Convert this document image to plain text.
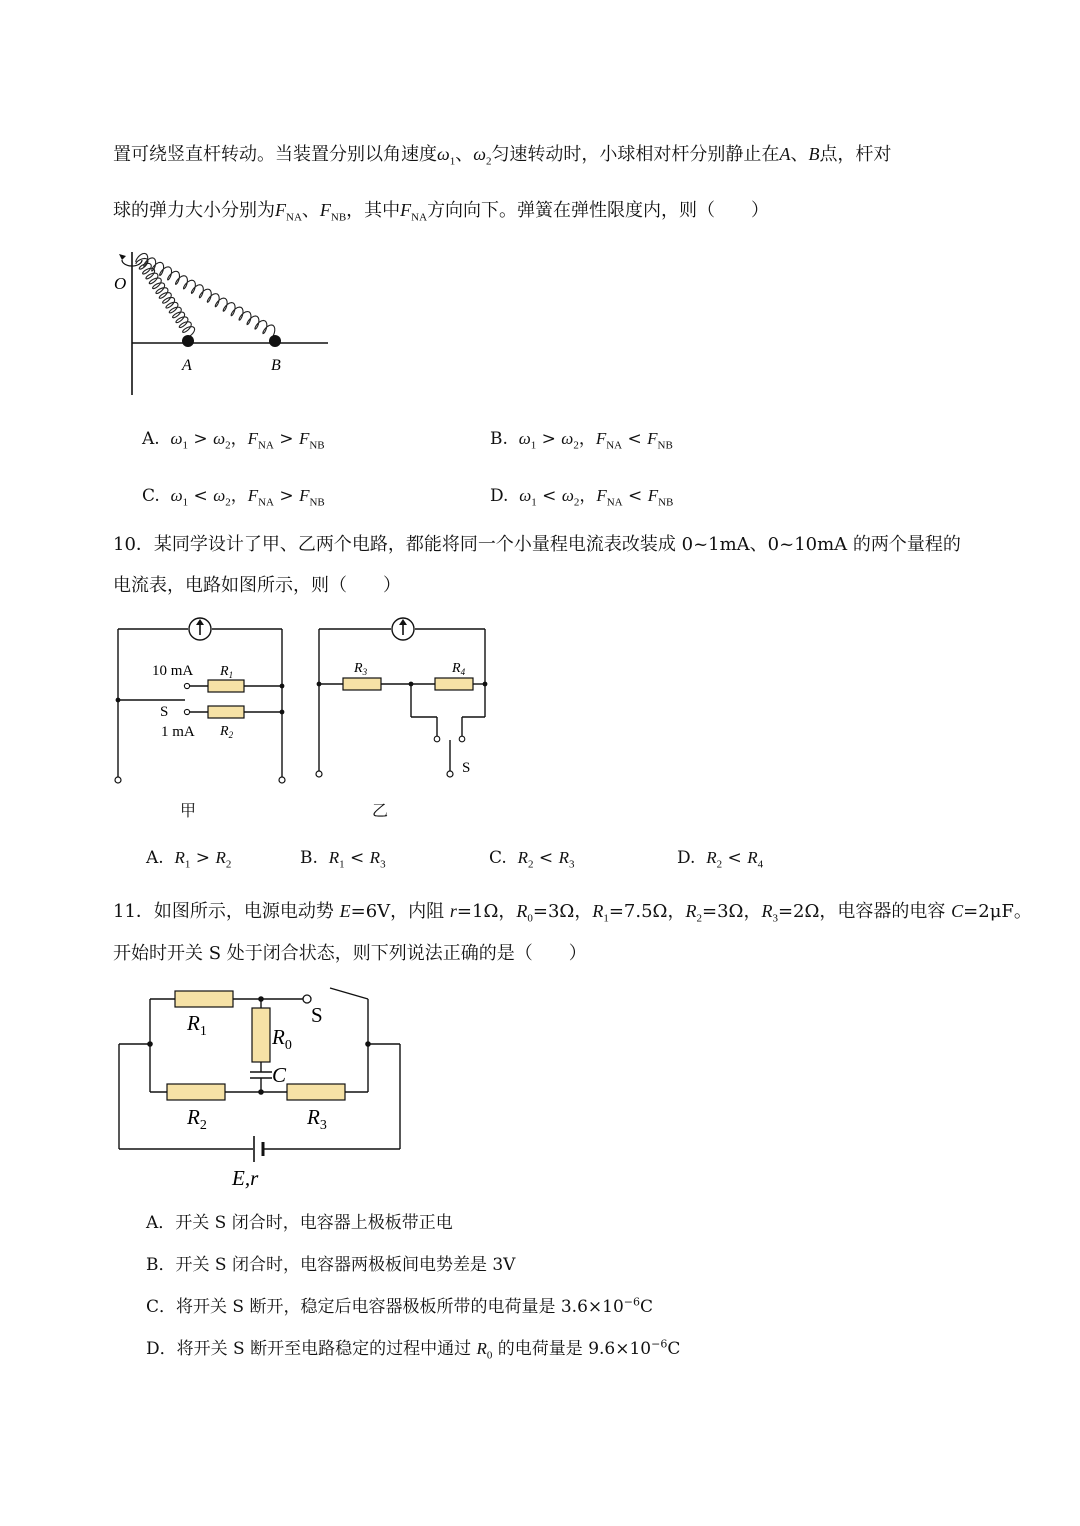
置可绕竖直杆转动。当装置分别以角速度$\omega_1$、$\omega_2$匀速转动时，小球相对杆分别静止在A、B点，杆对
球的弹力大小分别为$F_{NA}$、$F_{NB}$，其中$F_{NA}$方向向下。弹簧在弹性限度内，则（　　）
O
A	B
A. $\omega_1 > \omega_2$，$F_{NA} > F_{NB}$	B. $\omega_1 > \omega_2$，$F_{NA} < F_{NB}$
C. $\omega_1 < \omega_2$，$F_{NA} > F_{NB}$	D. $\omega_1 < \omega_2$，$F_{NA} < F_{NB}$
10．某同学设计了甲、乙两个电路，都能将同一个小量程电流表改装成 0~1mA、0~10mA 的两个量程的
电流表，电路如图所示，则（　　）
10 mA
S
1 mA
$R_1$
$R_2$
甲
$R_3$	$R_4$
S
乙
A. $R_1 > R_2$	B. $R_1 < R_3$	C. $R_2 < R_3$	D. $R_2 < R_4$
11．如图所示，电源电动势 E=6V，内阻 r=1Ω，$R_0=3\Omega$，$R_1=7.5\Omega$，$R_2=3\Omega$，$R_3=2\Omega$，电容器的电容 C=2μF。
开始时开关 S 处于闭合状态，则下列说法正确的是（　　）
$R_1$	$R_0$
$R_2$	$R_3$
S
C
E,r
A．开关 S 闭合时，电容器上极板带正电
B．开关 S 闭合时，电容器两极板间电势差是 3V
C．将开关 S 断开，稳定后电容器极板所带的电荷量是 $3.6\times 10^{-6}C$
D．将开关 S 断开至电路稳定的过程中通过 $R_0$ 的电荷量是 $9.6\times 10^{-6}C$
